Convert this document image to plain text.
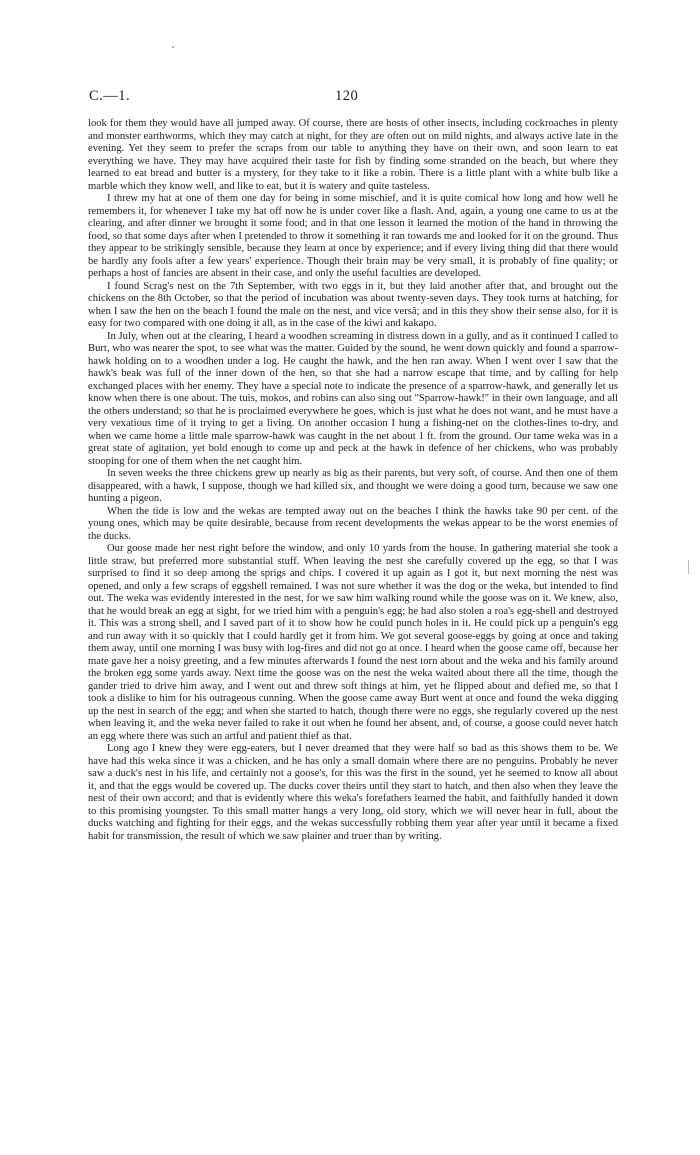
C.—1.	120

look for them they would have all jumped away. Of course, there are hosts of other insects, including cockroaches in plenty and monster earthworms, which they may catch at night, for they are often out on mild nights, and always active late in the evening. Yet they seem to prefer the scraps from our table to anything they have on their own, and soon learn to eat everything we have. They may have acquired their taste for fish by finding some stranded on the beach, but where they learned to eat bread and butter is a mystery, for they take to it like a robin. There is a little plant with a white bulb like a marble which they know well, and like to eat, but it is watery and quite tasteless.

I threw my hat at one of them one day for being in some mischief, and it is quite comical how long and how well he remembers it, for whenever I take my hat off now he is under cover like a flash. And, again, a young one came to us at the clearing, and after dinner we brought it some food; and in that one lesson it learned the motion of the hand in throwing the food, so that some days after when I pretended to throw it something it ran towards me and looked for it on the ground. Thus they appear to be strikingly sensible, because they learn at once by experience; and if every living thing did that there would be hardly any fools after a few years' experience. Though their brain may be very small, it is probably of fine quality; or perhaps a host of fancies are absent in their case, and only the useful faculties are developed.

I found Scrag's nest on the 7th September, with two eggs in it, but they laid another after that, and brought out the chickens on the 8th October, so that the period of incubation was about twenty-seven days. They took turns at hatching, for when I saw the hen on the beach I found the male on the nest, and vice versâ; and in this they show their sense also, for it is easy for two compared with one doing it all, as in the case of the kiwi and kakapo.

In July, when out at the clearing, I heard a woodhen screaming in distress down in a gully, and as it continued I called to Burt, who was nearer the spot, to see what was the matter. Guided by the sound, he went down quickly and found a sparrow-hawk holding on to a woodhen under a log. He caught the hawk, and the hen ran away. When I went over I saw that the hawk's beak was full of the inner down of the hen, so that she had a narrow escape that time, and by calling for help exchanged places with her enemy. They have a special note to indicate the presence of a sparrow-hawk, and generally let us know when there is one about. The tuis, mokos, and robins can also sing out "Sparrow-hawk!" in their own language, and all the others understand; so that he is proclaimed everywhere he goes, which is just what he does not want, and he must have a very vexatious time of it trying to get a living. On another occasion I hung a fishing-net on the clothes-lines to-dry, and when we came home a little male sparrow-hawk was caught in the net about 1 ft. from the ground. Our tame weka was in a great state of agitation, yet bold enough to come up and peck at the hawk in defence of her chickens, who was probably stooping for one of them when the net caught him.

In seven weeks the three chickens grew up nearly as big as their parents, but very soft, of course. And then one of them disappeared, with a hawk, I suppose, though we had killed six, and thought we were doing a good turn, because we saw one hunting a pigeon.

When the tide is low and the wekas are tempted away out on the beaches I think the hawks take 90 per cent. of the young ones, which may be quite desirable, because from recent developments the wekas appear to be the worst enemies of the ducks.

Our goose made her nest right before the window, and only 10 yards from the house. In gathering material she took a little straw, but preferred more substantial stuff. When leaving the nest she carefully covered up the egg, so that I was surprised to find it so deep among the sprigs and chips. I covered it up again as I got it, but next morning the nest was opened, and only a few scraps of eggshell remained. I was not sure whether it was the dog or the weka, but intended to find out. The weka was evidently interested in the nest, for we saw him walking round while the goose was on it. We knew, also, that he would break an egg at sight, for we tried him with a penguin's egg; he had also stolen a roa's egg-shell and destroyed it. This was a strong shell, and I saved part of it to show how he could punch holes in it. He could pick up a penguin's egg and run away with it so quickly that I could hardly get it from him. We got several goose-eggs by going at once and taking them away, until one morning I was busy with log-fires and did not go at once. I heard when the goose came off, because her mate gave her a noisy greeting, and a few minutes afterwards I found the nest torn about and the weka and his family around the broken egg some yards away. Next time the goose was on the nest the weka waited about there all the time, though the gander tried to drive him away, and I went out and threw soft things at him, yet he flipped about and defied me, so that I took a dislike to him for his outrageous cunning. When the goose came away Burt went at once and found the weka digging up the nest in search of the egg; and when she started to hatch, though there were no eggs, she regularly covered up the nest when leaving it, and the weka never failed to rake it out when he found her absent, and, of course, a goose could never hatch an egg where there was such an artful and patient thief as that.

Long ago I knew they were egg-eaters, but I never dreamed that they were half so bad as this shows them to be. We have had this weka since it was a chicken, and he has only a small domain where there are no penguins. Probably he never saw a duck's nest in his life, and certainly not a goose's, for this was the first in the sound, yet he seemed to know all about it, and that the eggs would be covered up. The ducks cover theirs until they start to hatch, and then also when they leave the nest of their own accord; and that is evidently where this weka's forefathers learned the habit, and faithfully handed it down to this promising youngster. To this small matter hangs a very long, old story, which we will never hear in full, about the ducks watching and fighting for their eggs, and the wekas successfully robbing them year after year until it became a fixed habit for transmission, the result of which we saw plainer and truer than by writing.
